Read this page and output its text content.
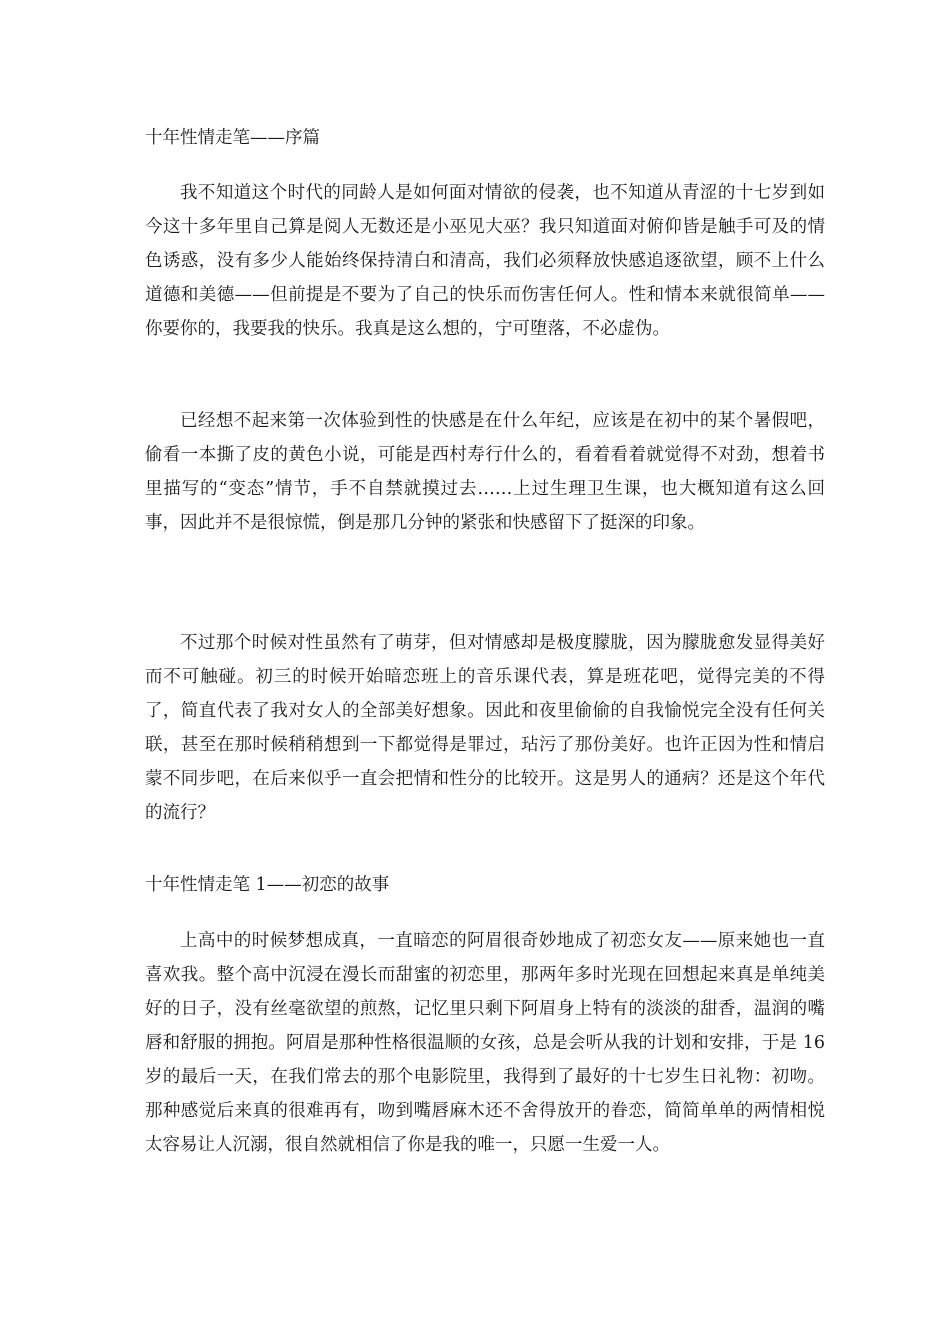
十年性情走笔——序篇

我不知道这个时代的同龄人是如何面对情欲的侵袭，也不知道从青涩的十七岁到如今这十多年里自己算是阅人无数还是小巫见大巫？我只知道面对俯仰皆是触手可及的情色诱惑，没有多少人能始终保持清白和清高，我们必须释放快感追逐欲望，顾不上什么道德和美德——但前提是不要为了自己的快乐而伤害任何人。性和情本来就很简单——你要你的，我要我的快乐。我真是这么想的，宁可堕落，不必虚伪。

已经想不起来第一次体验到性的快感是在什么年纪，应该是在初中的某个暑假吧，偷看一本撕了皮的黄色小说，可能是西村寿行什么的，看着看着就觉得不对劲，想着书里描写的“变态”情节，手不自禁就摸过去……上过生理卫生课，也大概知道有这么回事，因此并不是很惊慌，倒是那几分钟的紧张和快感留下了挺深的印象。

不过那个时候对性虽然有了萌芽，但对情感却是极度朦胧，因为朦胧愈发显得美好而不可触碰。初三的时候开始暗恋班上的音乐课代表，算是班花吧，觉得完美的不得了，简直代表了我对女人的全部美好想象。因此和夜里偷偷的自我愉悦完全没有任何关联，甚至在那时候稍稍想到一下都觉得是罪过，玷污了那份美好。也许正因为性和情启蒙不同步吧，在后来似乎一直会把情和性分的比较开。这是男人的通病？还是这个年代的流行？

十年性情走笔 1——初恋的故事

上高中的时候梦想成真，一直暗恋的阿眉很奇妙地成了初恋女友——原来她也一直喜欢我。整个高中沉浸在漫长而甜蜜的初恋里，那两年多时光现在回想起来真是单纯美好的日子，没有丝毫欲望的煎熬，记忆里只剩下阿眉身上特有的淡淡的甜香，温润的嘴唇和舒服的拥抱。阿眉是那种性格很温顺的女孩，总是会听从我的计划和安排，于是 16 岁的最后一天，在我们常去的那个电影院里，我得到了最好的十七岁生日礼物：初吻。那种感觉后来真的很难再有，吻到嘴唇麻木还不舍得放开的眷恋，简简单单的两情相悦太容易让人沉溺，很自然就相信了你是我的唯一，只愿一生爱一人。
